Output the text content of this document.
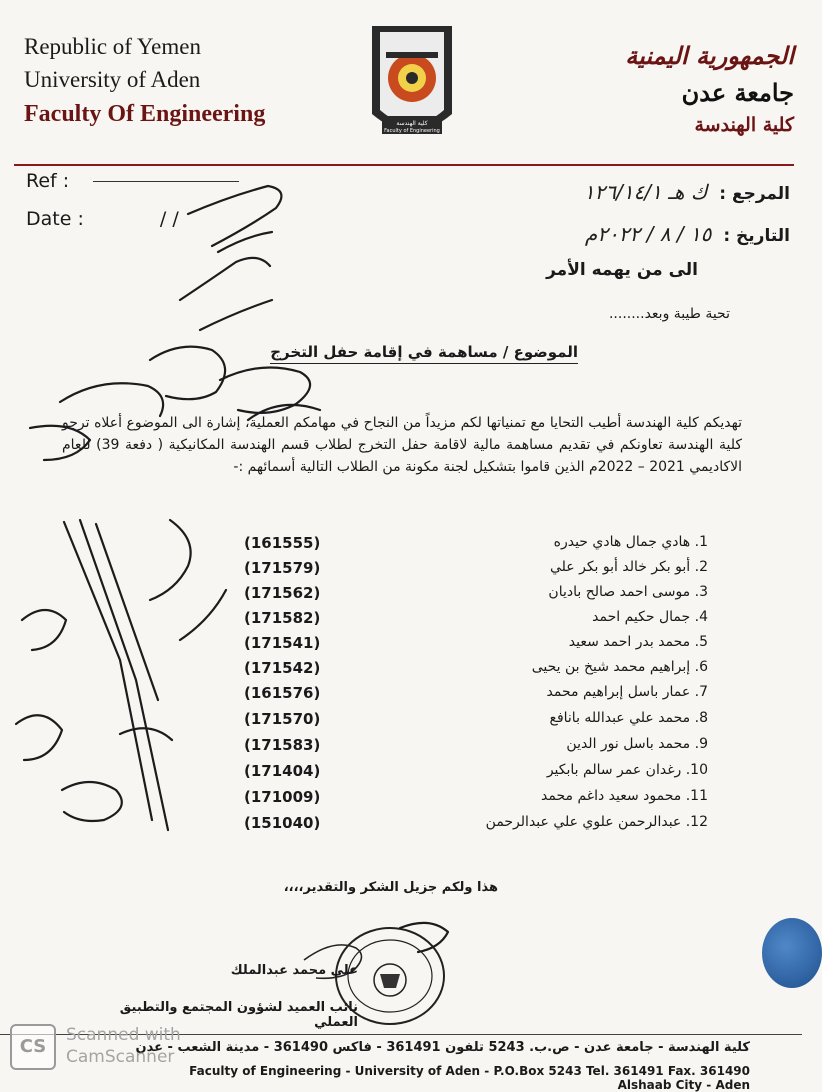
Republic of Yemen
University of Aden
Faculty Of Engineering	كلية الهندسة
Faculty of Engineering
الجمهورية اليمنية
جامعة عدن
كلية الهندسة
Ref :
Date :	/ /
المرجع : ك هـ ١٢٦/١٤/١
التاريخ : ١٥ / ٨ / ٢٠٢٢م
الى من يهمه الأمر
تحية طيبة وبعد........
الموضوع / مساهمة في إقامة حفل التخرج
تهديكم كلية الهندسة أطيب التحايا مع تمنياتها لكم مزيداً من النجاح في مهامكم العملية، إشارة الى الموضوع أعلاه ترجو كلية الهندسة تعاونكم في تقديم مساهمة مالية لاقامة حفل التخرج لطلاب قسم الهندسة المكانيكية ( دفعة 39) للعام الاكاديمي 2021 – 2022م الذين قاموا بتشكيل لجنة مكونة من الطلاب التالية أسمائهم :-
(161555)	1. هادي جمال هادي حيدره
(171579)	2. أبو بكر خالد أبو بكر علي
(171562)	3. موسى احمد صالح باديان
(171582)	4. جمال حكيم احمد
(171541)	5. محمد بدر احمد سعيد
(171542)	6. إبراهيم محمد شيخ بن يحيى
(161576)	7. عمار باسل إبراهيم محمد
(171570)	8. محمد علي عبدالله بانافع
(171583)	9. محمد باسل نور الدين
(171404)	10. رغدان عمر سالم بابكير
(171009)	11. محمود سعيد داغم محمد
(151040)	12. عبدالرحمن علوي علي عبدالرحمن
هذا ولكم جزيل الشكر والتقدير،،،،
علي محمد عبدالملك
نائب العميد لشؤون المجتمع والتطبيق العملي
كلية الهندسة - جامعة عدن - ص.ب. 5243 تلفون 361491 - فاكس 361490 - مدينة الشعب - عدن
Faculty of Engineering - University of Aden - P.O.Box 5243 Tel. 361491 Fax. 361490 Alshaab City - Aden
CS
Scanned with
CamScanner
